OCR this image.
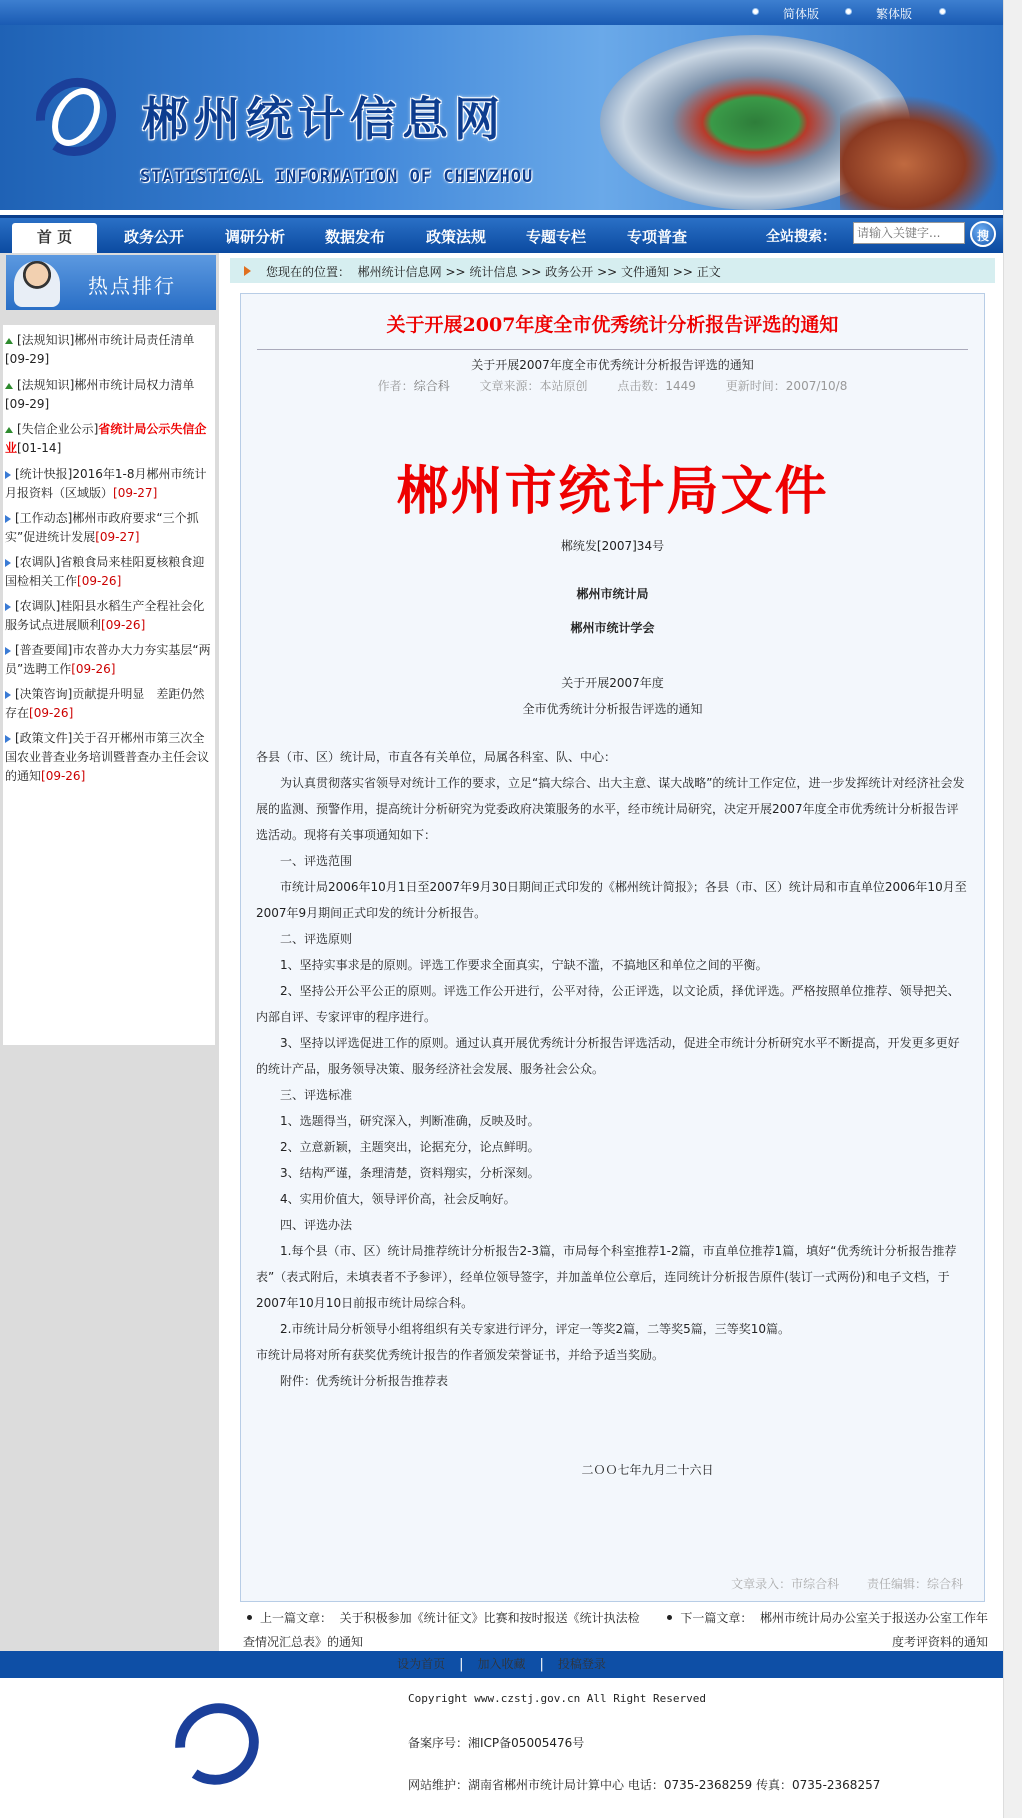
简体版	繁体版
郴州统计信息网
STATISTICAL INFORMATION OF CHENZHOU
首 页	政务公开	调研分析	数据发布	政策法规	专题专栏	专项普查	全站搜索：
请输入关键字...	搜
热点排行
[法规知识]郴州市统计局责任清单
[09-29]
[法规知识]郴州市统计局权力清单
[09-29]
[失信企业公示]省统计局公示失信企业[01-14]
[统计快报]2016年1-8月郴州市统计月报资料（区域版）[09-27]
[工作动态]郴州市政府要求“三个抓实”促进统计发展[09-27]
[农调队]省粮食局来桂阳夏核粮食迎国检相关工作[09-26]
[农调队]桂阳县水稻生产全程社会化服务试点进展顺利[09-26]
[普查要闻]市农普办大力夯实基层“两员”选聘工作[09-26]
[决策咨询]贡献提升明显　差距仍然存在[09-26]
[政策文件]关于召开郴州市第三次全国农业普查业务培训暨普查办主任会议的通知[09-26]
您现在的位置： 郴州统计信息网 >> 统计信息 >> 政务公开 >> 文件通知 >> 正文
关于开展2007年度全市优秀统计分析报告评选的通知
关于开展2007年度全市优秀统计分析报告评选的通知
作者：综合科 文章来源：本站原创 点击数：1449 更新时间：2007/10/8
郴州市统计局文件
郴统发[2007]34号
郴州市统计局
郴州市统计学会
关于开展2007年度
全市优秀统计分析报告评选的通知

各县（市、区）统计局，市直各有关单位，局属各科室、队、中心：

为认真贯彻落实省领导对统计工作的要求，立足“搞大综合、出大主意、谋大战略”的统计工作定位，进一步发挥统计对经济社会发展的监测、预警作用，提高统计分析研究为党委政府决策服务的水平，经市统计局研究，决定开展2007年度全市优秀统计分析报告评选活动。现将有关事项通知如下：

一、评选范围

市统计局2006年10月1日至2007年9月30日期间正式印发的《郴州统计简报》；各县（市、区）统计局和市直单位2006年10月至2007年9月期间正式印发的统计分析报告。

二、评选原则

1、坚持实事求是的原则。评选工作要求全面真实，宁缺不滥，不搞地区和单位之间的平衡。

2、坚持公开公平公正的原则。评选工作公开进行，公平对待，公正评选，以文论质，择优评选。严格按照单位推荐、领导把关、内部自评、专家评审的程序进行。

3、坚持以评选促进工作的原则。通过认真开展优秀统计分析报告评选活动，促进全市统计分析研究水平不断提高，开发更多更好的统计产品，服务领导决策、服务经济社会发展、服务社会公众。

三、评选标准

1、选题得当，研究深入，判断准确，反映及时。

2、立意新颖，主题突出，论据充分，论点鲜明。

3、结构严谨，条理清楚，资料翔实，分析深刻。

4、实用价值大，领导评价高，社会反响好。

四、评选办法

1.每个县（市、区）统计局推荐统计分析报告2-3篇，市局每个科室推荐1-2篇，市直单位推荐1篇，填好“优秀统计分析报告推荐表”（表式附后，未填表者不予参评），经单位领导签字，并加盖单位公章后，连同统计分析报告原件(装订一式两份)和电子文档，于2007年10月10日前报市统计局综合科。

2.市统计局分析领导小组将组织有关专家进行评分，评定一等奖2篇，二等奖5篇，三等奖10篇。

市统计局将对所有获奖优秀统计报告的作者颁发荣誉证书，并给予适当奖励。

附件：优秀统计分析报告推荐表

二ＯＯ七年九月二十六日
文章录入：市综合科 责任编辑：综合科
上一篇文章： 关于积极参加《统计征文》比赛和按时报送《统计执法检查情况汇总表》的通知
下一篇文章： 郴州市统计局办公室关于报送办公室工作年度考评资料的通知
设为首页 | 加入收藏 | 投稿登录
Copyright www.czstj.gov.cn All Right Reserved
备案序号：湘ICP备05005476号
网站维护：湖南省郴州市统计局计算中心 电话：0735-2368259 传真：0735-2368257
